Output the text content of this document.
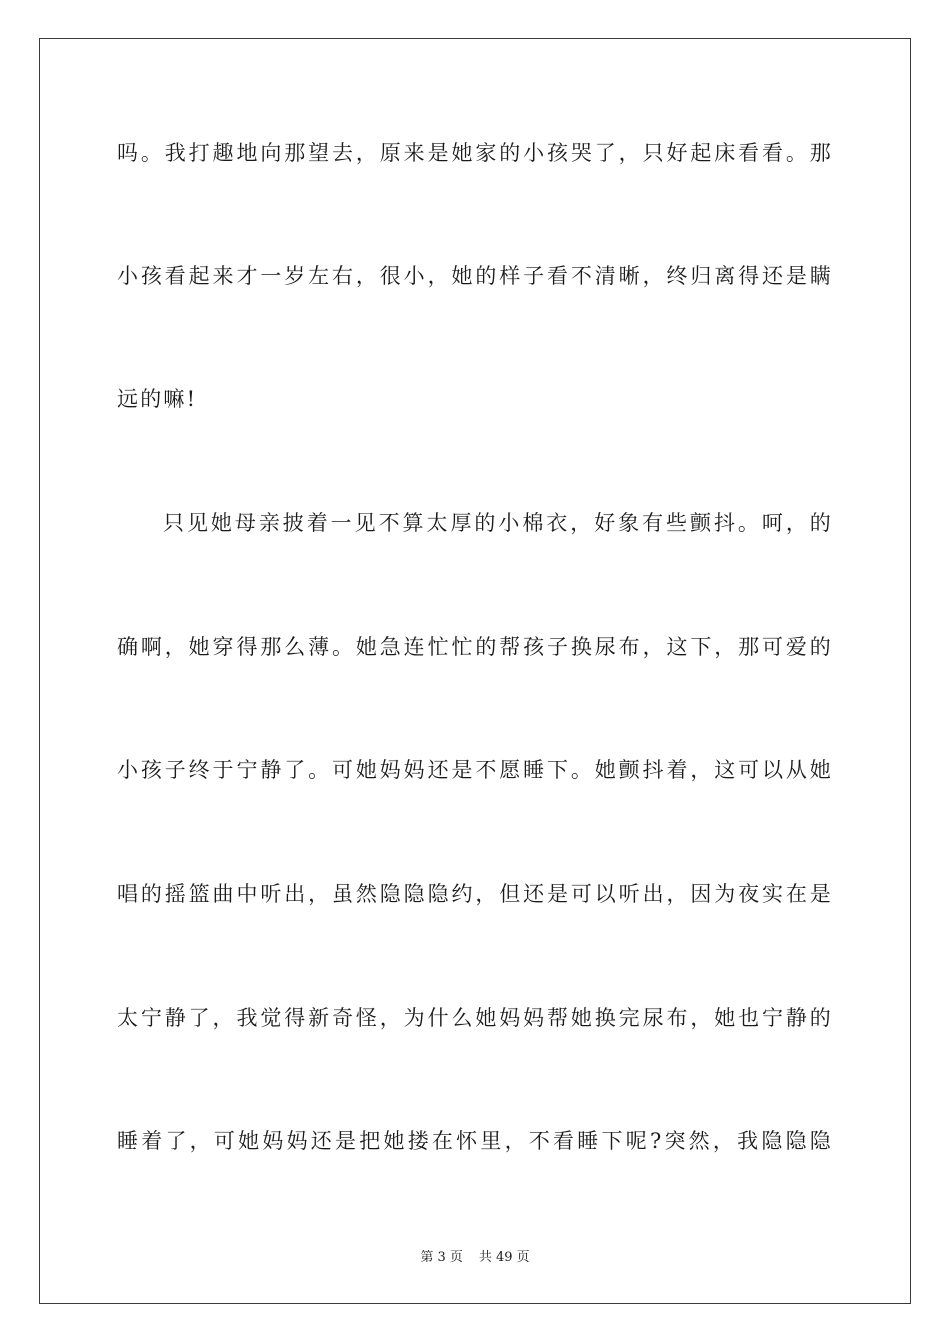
吗。我打趣地向那望去，原来是她家的小孩哭了，只好起床看看。那
小孩看起来才一岁左右，很小，她的样子看不清晰，终归离得还是瞒
远的嘛!
只见她母亲披着一见不算太厚的小棉衣，好象有些颤抖。呵，的
确啊，她穿得那么薄。她急连忙忙的帮孩子换尿布，这下，那可爱的
小孩子终于宁静了。可她妈妈还是不愿睡下。她颤抖着，这可以从她
唱的摇篮曲中听出，虽然隐隐隐约，但还是可以听出，因为夜实在是
太宁静了，我觉得新奇怪，为什么她妈妈帮她换完尿布，她也宁静的
睡着了，可她妈妈还是把她搂在怀里，不看睡下呢?突然，我隐隐隐
第 3 页 共 49 页
